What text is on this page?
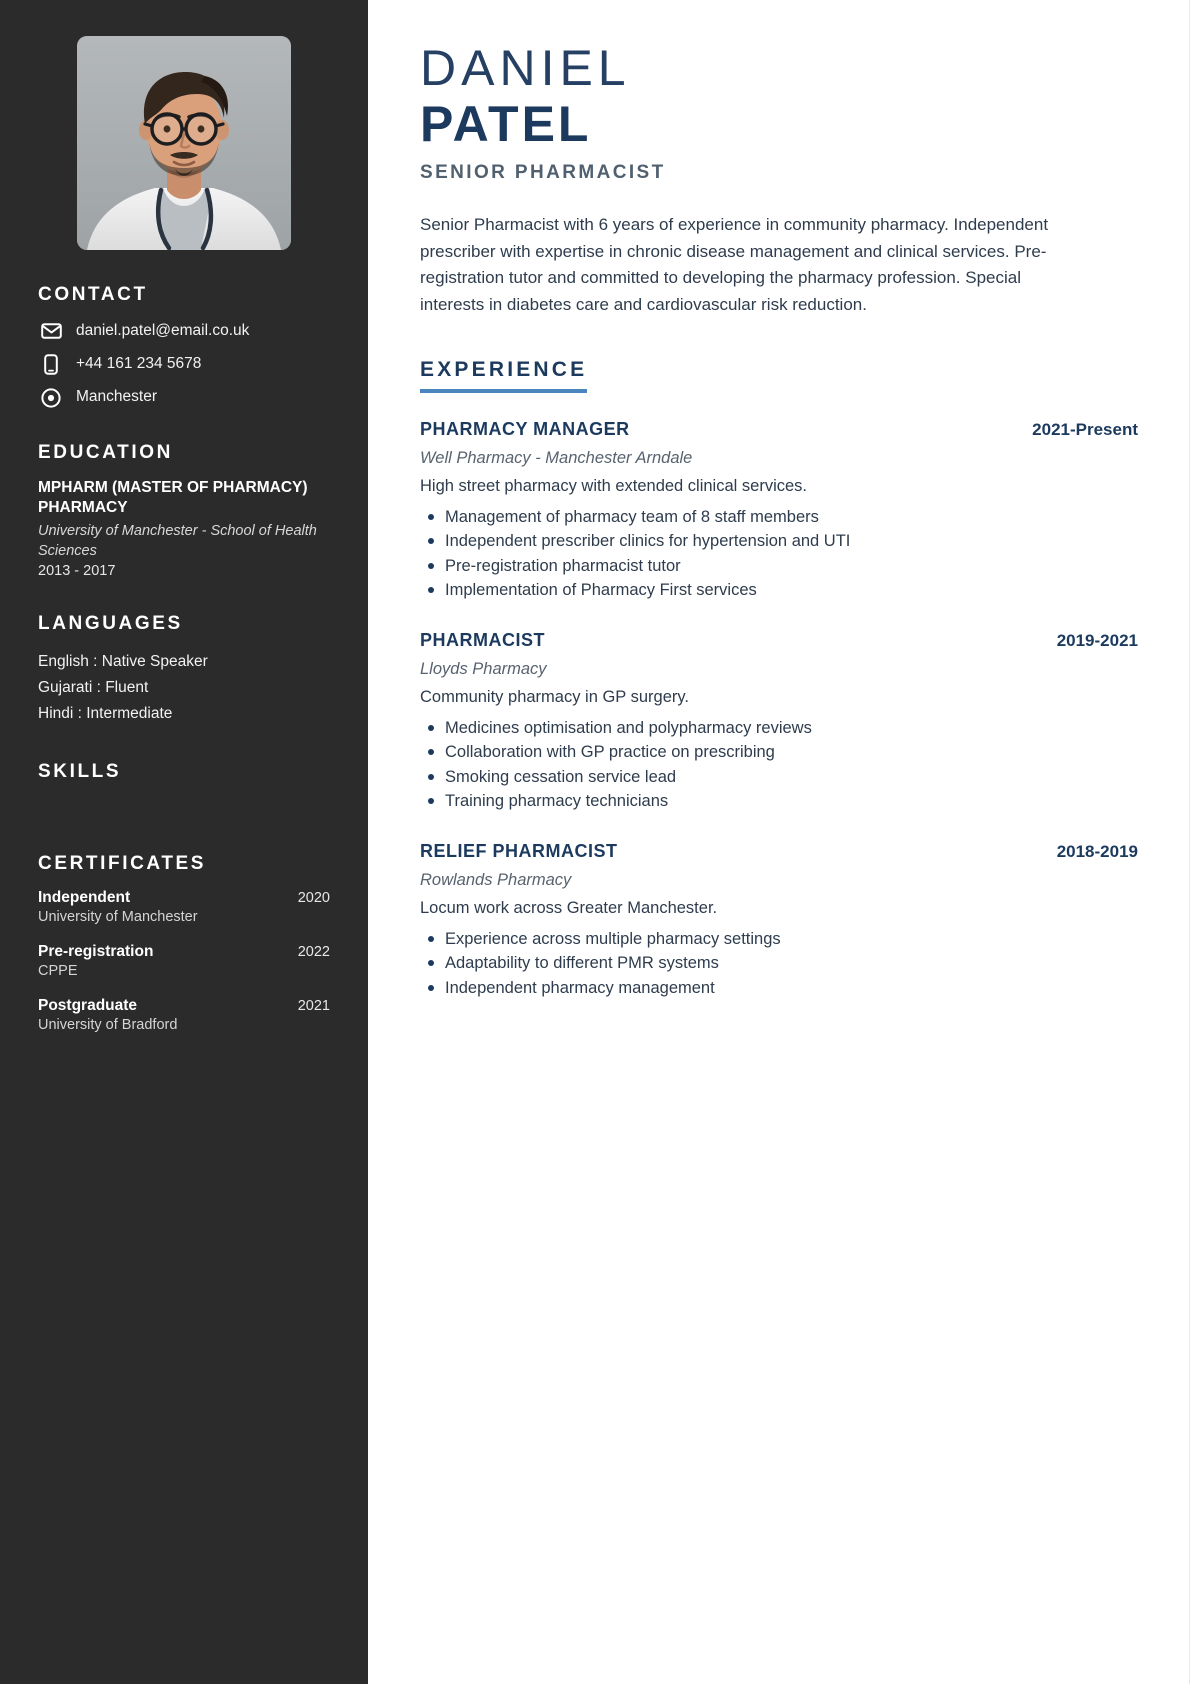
CONTACT
daniel.patel@email.co.uk
+44 161 234 5678
Manchester
EDUCATION
MPHARM (MASTER OF PHARMACY) PHARMACY
University of Manchester - School of Health Sciences
2013 - 2017
LANGUAGES
English : Native Speaker
Gujarati : Fluent
Hindi : Intermediate
SKILLS
CERTIFICATES
Independent	2020
University of Manchester
Pre-registration	2022
CPPE
Postgraduate	2021
University of Bradford
DANIEL
PATEL
SENIOR PHARMACIST

Senior Pharmacist with 6 years of experience in community pharmacy. Independent prescriber with expertise in chronic disease management and clinical services. Pre-registration tutor and committed to developing the pharmacy profession. Special interests in diabetes care and cardiovascular risk reduction.

EXPERIENCE
PHARMACY MANAGER	2021-Present
Well Pharmacy - Manchester Arndale
High street pharmacy with extended clinical services.
Management of pharmacy team of 8 staff members
Independent prescriber clinics for hypertension and UTI
Pre-registration pharmacist tutor
Implementation of Pharmacy First services
PHARMACIST	2019-2021
Lloyds Pharmacy
Community pharmacy in GP surgery.
Medicines optimisation and polypharmacy reviews
Collaboration with GP practice on prescribing
Smoking cessation service lead
Training pharmacy technicians
RELIEF PHARMACIST	2018-2019
Rowlands Pharmacy
Locum work across Greater Manchester.
Experience across multiple pharmacy settings
Adaptability to different PMR systems
Independent pharmacy management
